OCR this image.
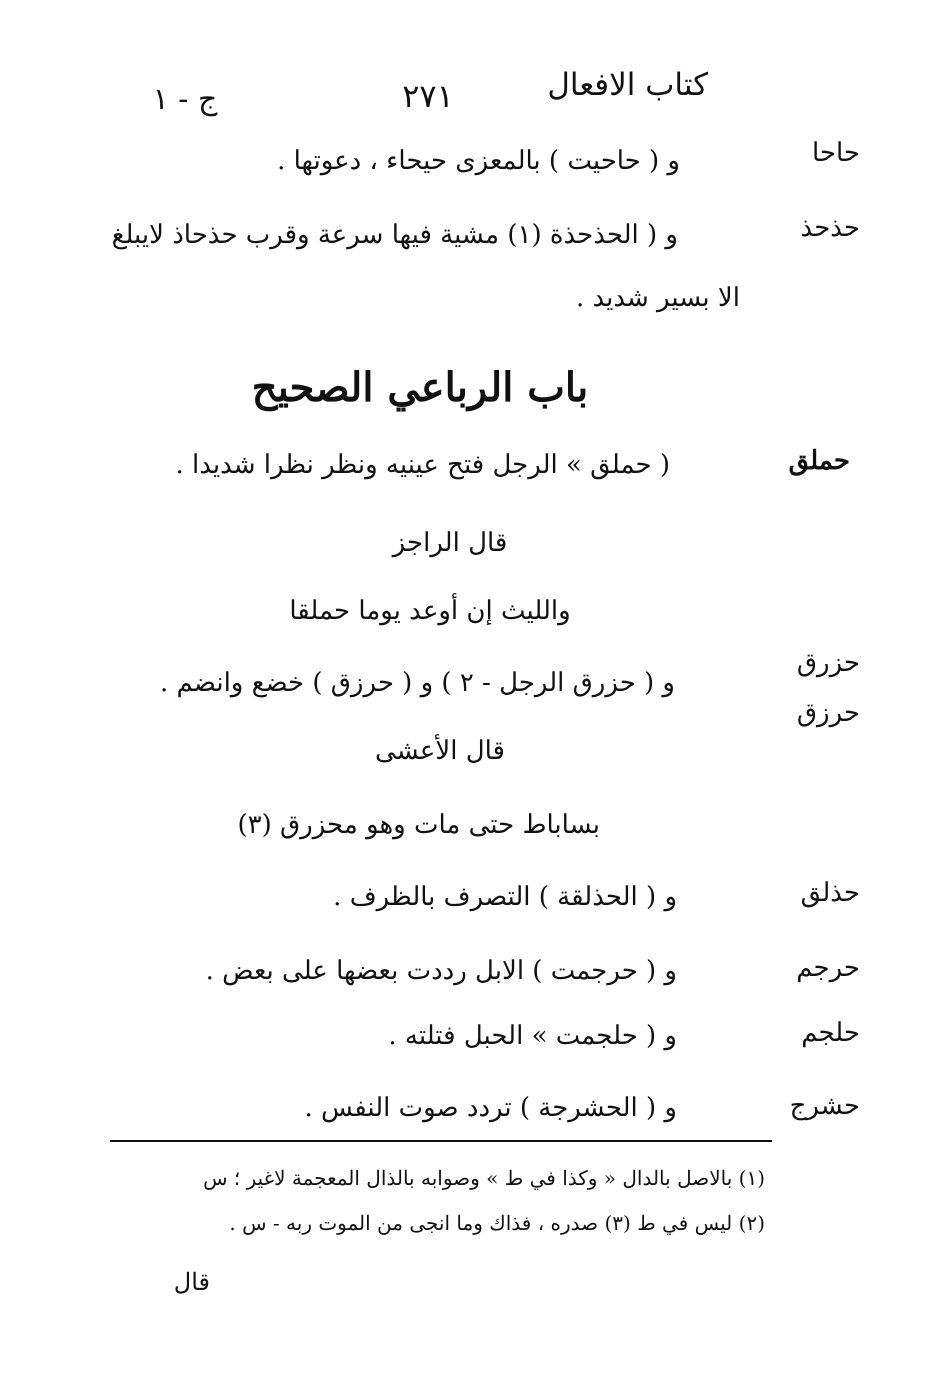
كتاب الافعال
٢٧١
ج - ١
حاحا
و ( حاحيت ) بالمعزى حيحاء ، دعوتها .
حذحذ
و ( الحذحذة (١) مشية فيها سرعة وقرب حذحاذ لايبلغ
الا بسير شديد .
باب الرباعي الصحيح
حملق
( حملق » الرجل فتح عينيه ونظر نظرا شديدا .
قال الراجز
والليث إن أوعد يوما حملقا
حزرق
حرزق
و ( حزرق الرجل - ٢ ) و ( حرزق ) خضع وانضم .
قال الأعشى
بساباط حتى مات وهو محزرق (٣)
حذلق
و ( الحذلقة ) التصرف بالظرف .
حرجم
و ( حرجمت ) الابل رددت بعضها على بعض .
حلجم
و ( حلجمت » الحبل فتلته .
حشرج
و ( الحشرجة ) تردد صوت النفس .
(١) بالاصل بالدال « وكذا في ط » وصوابه بالذال المعجمة لاغير ؛ س
(٢) ليس في ط (٣) صدره ، فذاك وما انجى من الموت ربه - س .
قال
